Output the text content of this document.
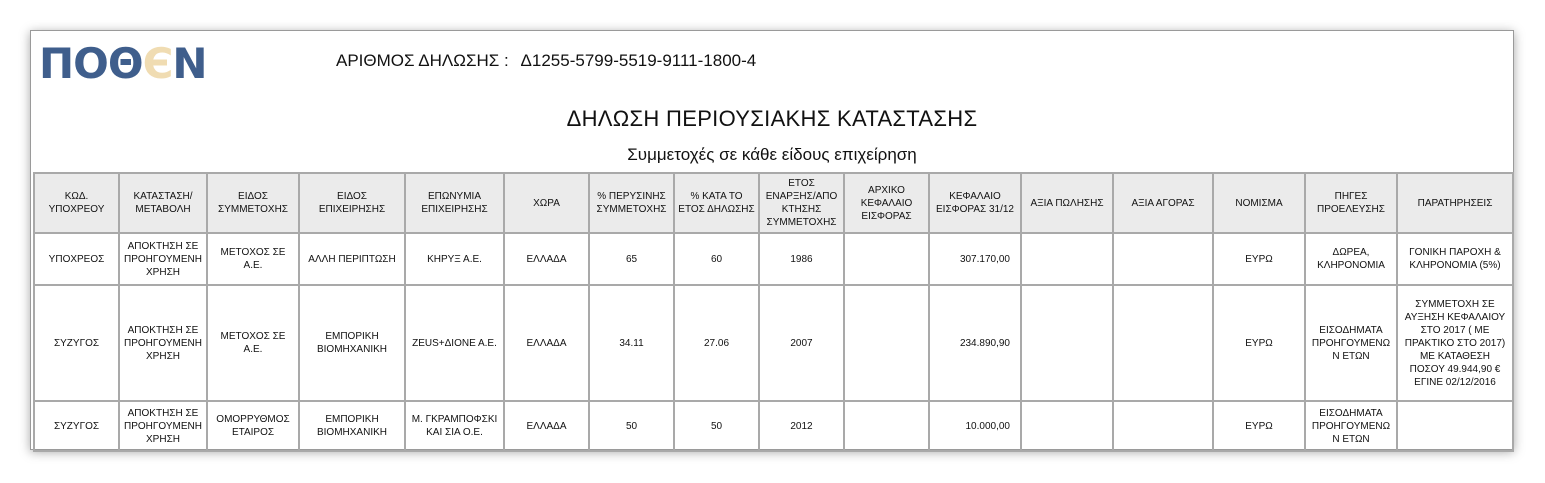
ΠΟΘЄΝ	ΑΡΙΘΜΟΣ ΔΗΛΩΣΗΣ : Δ1255-5799-5519-9111-1800-4
ΔΗΛΩΣΗ ΠΕΡΙΟΥΣΙΑΚΗΣ ΚΑΤΑΣΤΑΣΗΣ
Συμμετοχές σε κάθε είδους επιχείρηση
ΚΩΔ. ΥΠΟΧΡΕΟΥ	ΚΑΤΑΣΤΑΣΗ/ ΜΕΤΑΒΟΛΗ	ΕΙΔΟΣ ΣΥΜΜΕΤΟΧΗΣ	ΕΙΔΟΣ ΕΠΙΧΕΙΡΗΣΗΣ	ΕΠΩΝΥΜΙΑ ΕΠΙΧΕΙΡΗΣΗΣ	ΧΩΡΑ	% ΠΕΡΥΣΙΝΗΣ ΣΥΜΜΕΤΟΧΗΣ	% ΚΑΤΑ ΤΟ ΕΤΟΣ ΔΗΛΩΣΗΣ	ΕΤΟΣ ΕΝΑΡΞΗΣ/ΑΠΟ ΚΤΗΣΗΣ ΣΥΜΜΕΤΟΧΗΣ	ΑΡΧΙΚΟ ΚΕΦΑΛΑΙΟ ΕΙΣΦΟΡΑΣ	ΚΕΦΑΛΑΙΟ ΕΙΣΦΟΡΑΣ 31/12	ΑΞΙΑ ΠΩΛΗΣΗΣ	ΑΞΙΑ ΑΓΟΡΑΣ	ΝΟΜΙΣΜΑ	ΠΗΓΕΣ ΠΡΟΕΛΕΥΣΗΣ	ΠΑΡΑΤΗΡΗΣΕΙΣ
ΥΠΟΧΡΕΟΣ	ΑΠΟΚΤΗΣΗ ΣΕ ΠΡΟΗΓΟΥΜΕΝΗ ΧΡΗΣΗ	ΜΕΤΟΧΟΣ ΣΕ Α.Ε.	ΑΛΛΗ ΠΕΡΙΠΤΩΣΗ	ΚΗΡΥΞ Α.Ε.	ΕΛΛΑΔΑ	65	60	1986		307.170,00			ΕΥΡΩ	ΔΩΡΕΑ, ΚΛΗΡΟΝΟΜΙΑ	ΓΟΝΙΚΗ ΠΑΡΟΧΗ & ΚΛΗΡΟΝΟΜΙΑ (5%)
ΣΥΖΥΓΟΣ	ΑΠΟΚΤΗΣΗ ΣΕ ΠΡΟΗΓΟΥΜΕΝΗ ΧΡΗΣΗ	ΜΕΤΟΧΟΣ ΣΕ Α.Ε.	ΕΜΠΟΡΙΚΗ ΒΙΟΜΗΧΑΝΙΚΗ	ZEUS+ΔΙΟΝΕ Α.Ε.	ΕΛΛΑΔΑ	34.11	27.06	2007		234.890,90			ΕΥΡΩ	ΕΙΣΟΔΗΜΑΤΑ ΠΡΟΗΓΟΥΜΕΝΩ Ν ΕΤΩΝ	ΣΥΜΜΕΤΟΧΗ ΣΕ ΑΥΞΗΣΗ ΚΕΦΑΛΑΙΟΥ ΣΤΟ 2017 ( ΜΕ ΠΡΑΚΤΙΚΟ ΣΤΟ 2017) ΜΕ ΚΑΤΑΘΕΣΗ ΠΟΣΟΥ 49.944,90 € ΕΓΙΝΕ 02/12/2016
ΣΥΖΥΓΟΣ	ΑΠΟΚΤΗΣΗ ΣΕ ΠΡΟΗΓΟΥΜΕΝΗ ΧΡΗΣΗ	ΟΜΟΡΡΥΘΜΟΣ ΕΤΑΙΡΟΣ	ΕΜΠΟΡΙΚΗ ΒΙΟΜΗΧΑΝΙΚΗ	Μ. ΓΚΡΑΜΠΟΦΣΚΙ ΚΑΙ ΣΙΑ Ο.Ε.	ΕΛΛΑΔΑ	50	50	2012		10.000,00			ΕΥΡΩ	ΕΙΣΟΔΗΜΑΤΑ ΠΡΟΗΓΟΥΜΕΝΩ Ν ΕΤΩΝ	
